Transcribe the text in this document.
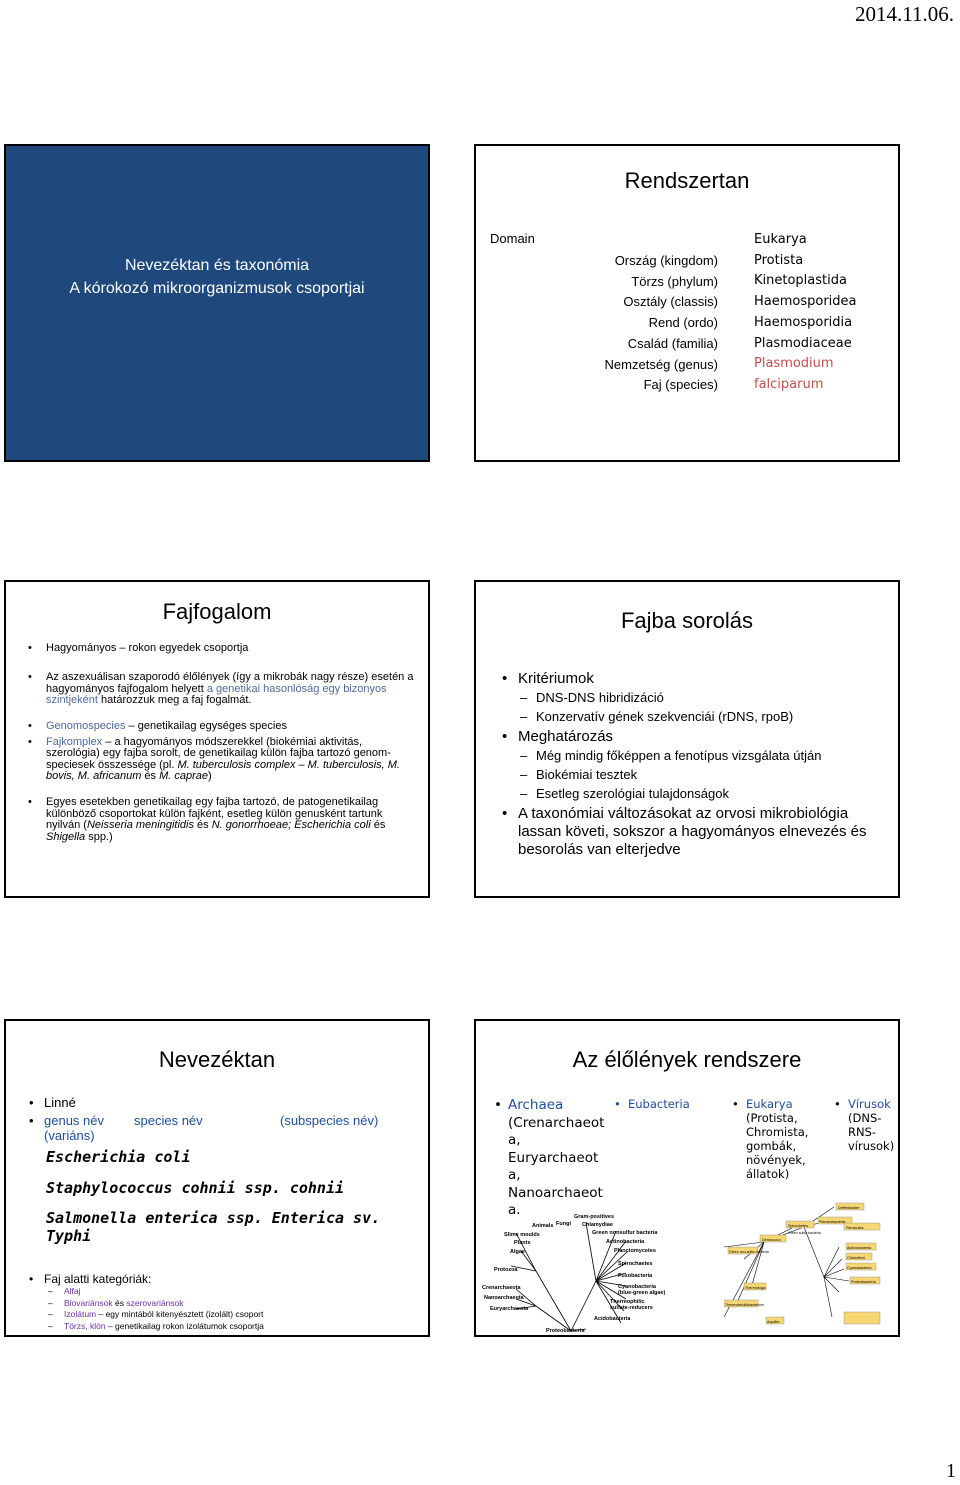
2014.11.06.
Nevezéktan és taxonómia
A kórokozó mikroorganizmusok csoportjai
Rendszertan
Domain
Ország (kingdom)
Törzs (phylum)
Osztály (classis)
Rend (ordo)
Család (familia)
Nemzetség (genus)
Faj (species)
Eukarya
Protista
Kinetoplastida
Haemosporidea
Haemosporidia
Plasmodiaceae
Plasmodium
falciparum
Fajfogalom
• Hagyományos – rokon egyedek csoportja
• Az aszexuálisan szaporodó élőlények (így a mikrobák nagy része) esetén a hagyományos fajfogalom helyett a genetikai hasonlóság egy bizonyos szintjeként határozzuk meg a faj fogalmát.
• Genomospecies – genetikailag egységes species
• Fajkomplex – a hagyományos módszerekkel (biokémiai aktivitás, szerológia) egy fajba sorolt, de genetikailag külön fajba tartozó genom-speciesek összessége (pl. M. tuberculosis complex – M. tuberculosis, M. bovis, M. africanum és M. caprae)
• Egyes esetekben genetikailag egy fajba tartozó, de patogenetikailag különböző csoportokat külön fajként, esetleg külön genusként tartunk nyilván (Neisseria meningitidis és N. gonorrhoeae; Escherichia coli és Shigella spp.)
Fajba sorolás
• Kritériumok
– DNS-DNS hibridizáció
– Konzervatív gének szekvenciái (rDNS, rpoB)
• Meghatározás
– Még mindig főképpen a fenotípus vizsgálata útján
– Biokémiai tesztek
– Esetleg szerológiai tulajdonságok
• A taxonómiai változásokat az orvosi mikrobiológia lassan követi, sokszor a hagyományos elnevezés és besorolás van elterjedve
Nevezéktan
• Linné
• genus név species név	(subspecies név)
(variáns)
Escherichia coli
Staphylococcus cohnii ssp. cohnii
Salmonella enterica ssp. Enterica sv. Typhi
• Faj alatti kategóriák:
– Alfaj
– Biovariánsok és szerovariánsok
– Izolátum – egy mintából kitenyésztett (izolált) csoport
– Törzs, klón – genetikailag rokon izolátumok csoportja
Az élőlények rendszere
• Archaea
(Crenarchaeot
a,
Euryarchaeot
a,
Nanoarchaeot
a.
• Eubacteria
•	Eukarya
(Protista,
Chromista,
gombák,
növények,
állatok)
• Vírusok
(DNS-
RNS-
vírusok)
Animals Fungi
Slime moulds
Plants
Algae
Protozoa
Crenarchaeota
Nanoarchaeota
Euryarchaeota
Gram-positives
Chlamydiae
Green nonsulfur bacteria
Actinobacteria
Planctomycetes
Spirochaetes
Fusobacteria
Cyanobacteria
(blue-green algae)
Thermophilic
sulfate-reducers
Acidobacteria
Proteobacteria
Spirochetes
Planctobacteria
Deinococci
Green sulfur bacteria
Green non-sulfur bacteria
Thermotoga
Thermodesulfobacterium
Aquifex
Defferibacter
Firmicutes
Actinobacteria
Chloroflexi
Cyanobacteria
Proteobacteria
1
